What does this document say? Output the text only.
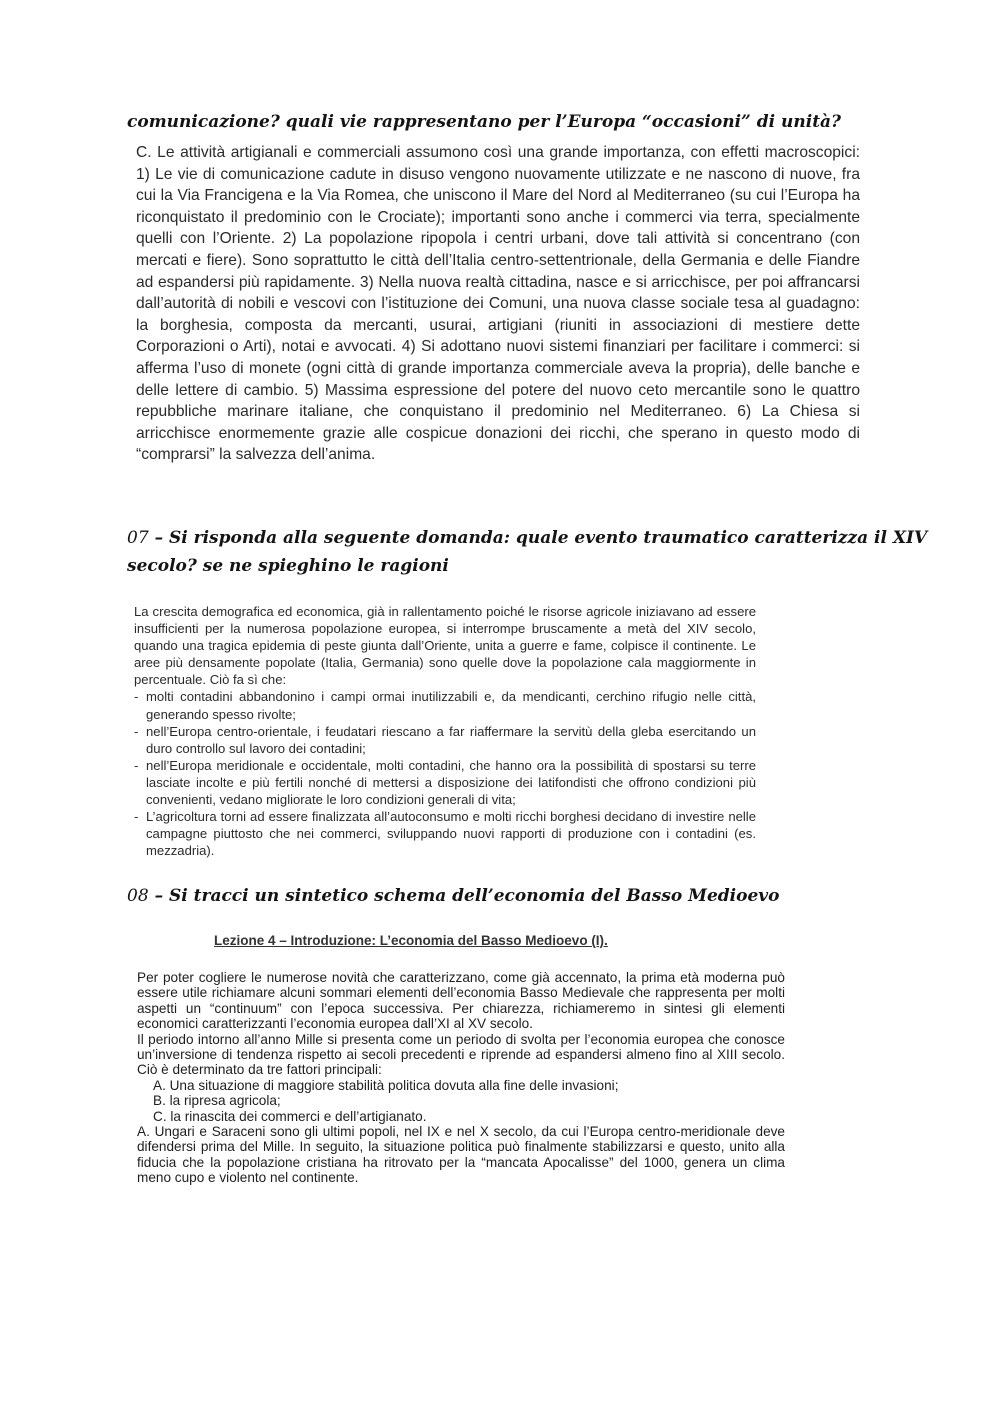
comunicazione? quali vie rappresentano per l’Europa “occasioni” di unità?

C. Le attività artigianali e commerciali assumono così una grande importanza, con effetti macroscopici: 1) Le vie di comunicazione cadute in disuso vengono nuovamente utilizzate e ne nascono di nuove, fra cui la Via Francigena e la Via Romea, che uniscono il Mare del Nord al Mediterraneo (su cui l’Europa ha riconquistato il predominio con le Crociate); importanti sono anche i commerci via terra, specialmente quelli con l’Oriente. 2) La popolazione ripopola i centri urbani, dove tali attività si concentrano (con mercati e fiere). Sono soprattutto le città dell’Italia centro-settentrionale, della Germania e delle Fiandre ad espandersi più rapidamente. 3) Nella nuova realtà cittadina, nasce e si arricchisce, per poi affrancarsi dall’autorità di nobili e vescovi con l’istituzione dei Comuni, una nuova classe sociale tesa al guadagno: la borghesia, composta da mercanti, usurai, artigiani (riuniti in associazioni di mestiere dette Corporazioni o Arti), notai e avvocati. 4) Si adottano nuovi sistemi finanziari per facilitare i commerci: si afferma l’uso di monete (ogni città di grande importanza commerciale aveva la propria), delle banche e delle lettere di cambio. 5) Massima espressione del potere del nuovo ceto mercantile sono le quattro repubbliche marinare italiane, che conquistano il predominio nel Mediterraneo. 6) La Chiesa si arricchisce enormemente grazie alle cospicue donazioni dei ricchi, che sperano in questo modo di “comprarsi” la salvezza dell’anima.

07 – Si risponda alla seguente domanda: quale evento traumatico caratterizza il XIV
secolo? se ne spieghino le ragioni
La crescita demografica ed economica, già in rallentamento poiché le risorse agricole iniziavano ad essere insufficienti per la numerosa popolazione europea, si interrompe bruscamente a metà del XIV secolo, quando una tragica epidemia di peste giunta dall’Oriente, unita a guerre e fame, colpisce il continente. Le aree più densamente popolate (Italia, Germania) sono quelle dove la popolazione cala maggiormente in percentuale. Ciò fa sì che:
- molti contadini abbandonino i campi ormai inutilizzabili e, da mendicanti, cerchino rifugio nelle città, generando spesso rivolte;
- nell’Europa centro-orientale, i feudatari riescano a far riaffermare la servitù della gleba esercitando un duro controllo sul lavoro dei contadini;
- nell’Europa meridionale e occidentale, molti contadini, che hanno ora la possibilità di spostarsi su terre lasciate incolte e più fertili nonché di mettersi a disposizione dei latifondisti che offrono condizioni più convenienti, vedano migliorate le loro condizioni generali di vita;
- L’agricoltura torni ad essere finalizzata all’autoconsumo e molti ricchi borghesi decidano di investire nelle campagne piuttosto che nei commerci, sviluppando nuovi rapporti di produzione con i contadini (es. mezzadria).
08 – Si tracci un sintetico schema dell’economia del Basso Medioevo
Lezione 4 – Introduzione: L’economia del Basso Medioevo (I).

Per poter cogliere le numerose novità che caratterizzano, come già accennato, la prima età moderna può essere utile richiamare alcuni sommari elementi dell’economia Basso Medievale che rappresenta per molti aspetti un “continuum” con l’epoca successiva. Per chiarezza, richiameremo in sintesi gli elementi economici caratterizzanti l’economia europea dall’XI al XV secolo.

Il periodo intorno all’anno Mille si presenta come un periodo di svolta per l’economia europea che conosce un’inversione di tendenza rispetto ai secoli precedenti e riprende ad espandersi almeno fino al XIII secolo. Ciò è determinato da tre fattori principali:

A. Una situazione di maggiore stabilità politica dovuta alla fine delle invasioni;
B. la ripresa agricola;
C. la rinascita dei commerci e dell’artigianato.

A. Ungari e Saraceni sono gli ultimi popoli, nel IX e nel X secolo, da cui l’Europa centro-meridionale deve difendersi prima del Mille. In seguito, la situazione politica può finalmente stabilizzarsi e questo, unito alla fiducia che la popolazione cristiana ha ritrovato per la “mancata Apocalisse” del 1000, genera un clima meno cupo e violento nel continente.
